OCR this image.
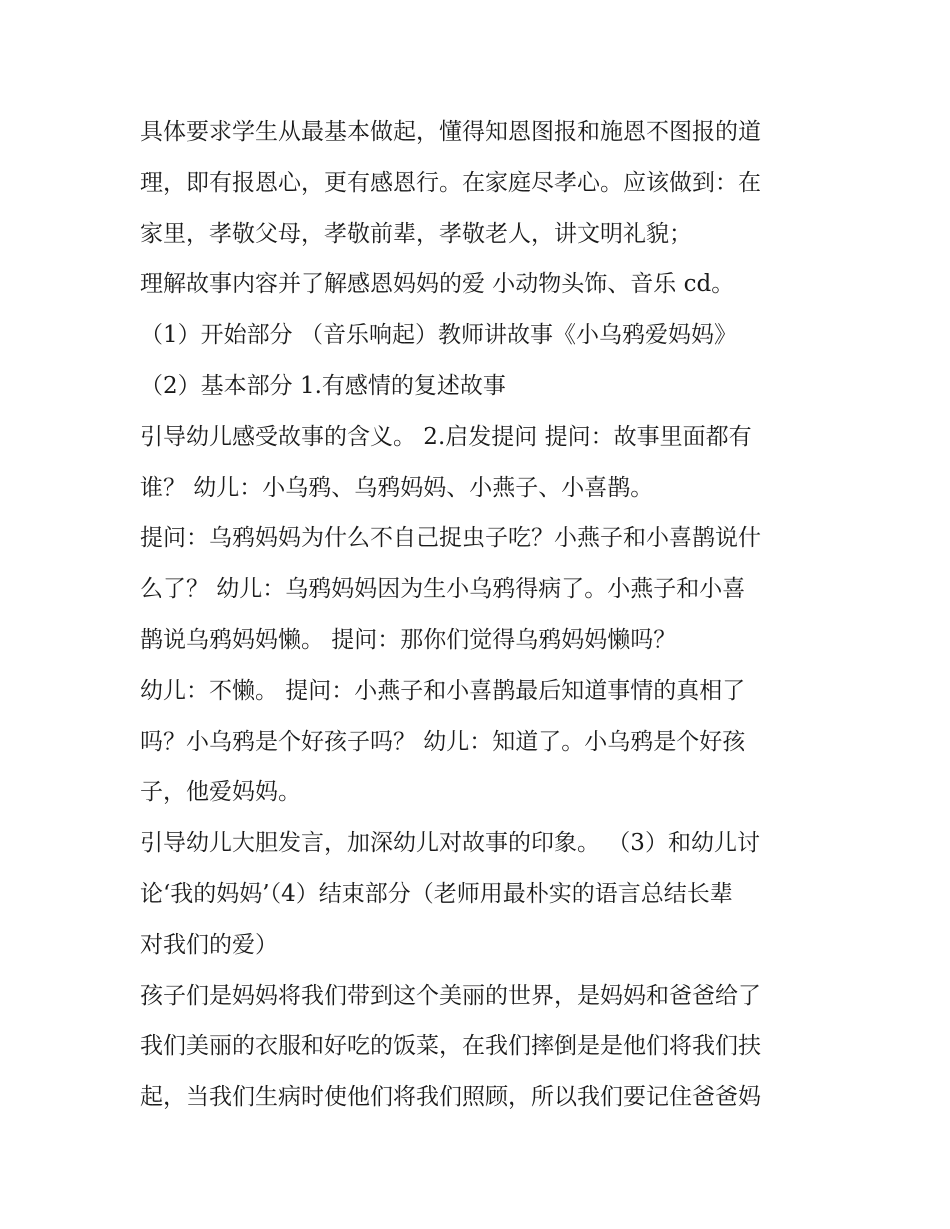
具体要求学生从最基本做起，懂得知恩图报和施恩不图报的道

理，即有报恩心，更有感恩行。在家庭尽孝心。应该做到：在

家里，孝敬父母，孝敬前辈，孝敬老人，讲文明礼貌；

理解故事内容并了解感恩妈妈的爱 小动物头饰、音乐 cd。

（1）开始部分 （音乐响起）教师讲故事《小乌鸦爱妈妈》

（2）基本部分 1.有感情的复述故事

引导幼儿感受故事的含义。 2.启发提问 提问：故事里面都有

谁？ 幼儿：小乌鸦、乌鸦妈妈、小燕子、小喜鹊。

提问：乌鸦妈妈为什么不自己捉虫子吃？小燕子和小喜鹊说什

么了？ 幼儿：乌鸦妈妈因为生小乌鸦得病了。小燕子和小喜

鹊说乌鸦妈妈懒。 提问：那你们觉得乌鸦妈妈懒吗？

幼儿：不懒。 提问：小燕子和小喜鹊最后知道事情的真相了

吗？小乌鸦是个好孩子吗？ 幼儿：知道了。小乌鸦是个好孩

子，他爱妈妈。

引导幼儿大胆发言，加深幼儿对故事的印象。 （3）和幼儿讨

论‘我的妈妈’（4）结束部分（老师用最朴实的语言总结长辈

对我们的爱）

孩子们是妈妈将我们带到这个美丽的世界，是妈妈和爸爸给了

我们美丽的衣服和好吃的饭菜，在我们摔倒是是他们将我们扶

起，当我们生病时使他们将我们照顾，所以我们要记住爸爸妈
